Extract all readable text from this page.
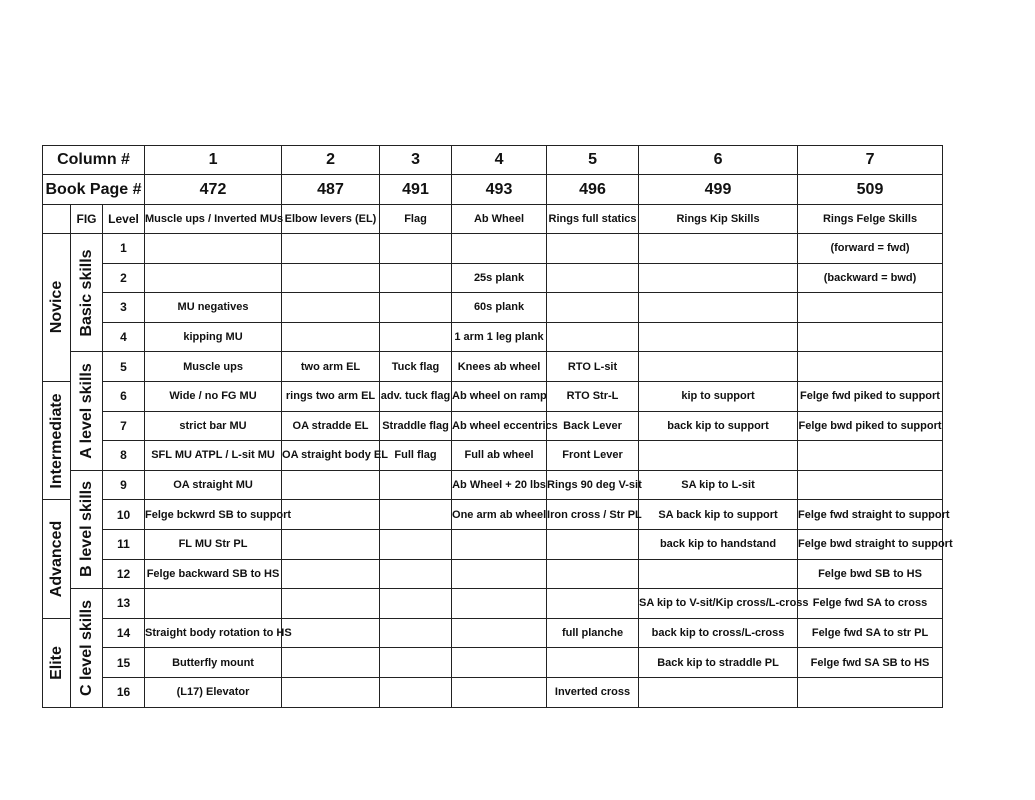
Column #			1	2	3	4	5	6	7
Book Page #			472	487	491	493	496	499	509
	FIG	Level	Muscle ups / Inverted MUs	Elbow levers (EL)	Flag	Ab Wheel	Rings full statics	Rings Kip Skills	Rings Felge Skills

Novice	Basic skills	1							(forward = fwd)
		2				25s plank			(backward = bwd)
		3	MU negatives			60s plank			
		4	kipping MU			1 arm 1 leg plank			

	A level skills	5	Muscle ups	two arm EL	Tuck flag	Knees ab wheel	RTO L-sit		

Intermediate		6	Wide / no FG MU	rings two arm EL	adv. tuck flag	Ab wheel on ramp	RTO Str-L	kip to support	Felge fwd piked to support
		7	strict bar MU	OA stradde EL	Straddle flag	Ab wheel eccentrics	Back Lever	back kip to support	Felge bwd piked to support
		8	SFL MU ATPL / L-sit MU	OA straight body EL	Full flag	Full ab wheel	Front Lever		

	B level skills	9	OA straight MU			Ab Wheel + 20 lbs	Rings 90 deg V-sit	SA kip to L-sit	

Advanced		10	Felge bckwrd SB to support			One arm ab wheel	Iron cross / Str PL	SA back kip to support	Felge fwd straight to support
		11	FL MU Str PL					back kip to handstand	Felge bwd straight to support
		12	Felge backward SB to HS						Felge bwd SB to HS

	C level skills	13						SA kip to V-sit/Kip cross/L-cross	Felge fwd SA to cross

Elite		14	Straight body rotation to HS				full planche	back kip to cross/L-cross	Felge fwd SA to str PL
		15	Butterfly mount					Back kip to straddle PL	Felge fwd SA SB to HS
		16	(L17) Elevator				Inverted cross		
